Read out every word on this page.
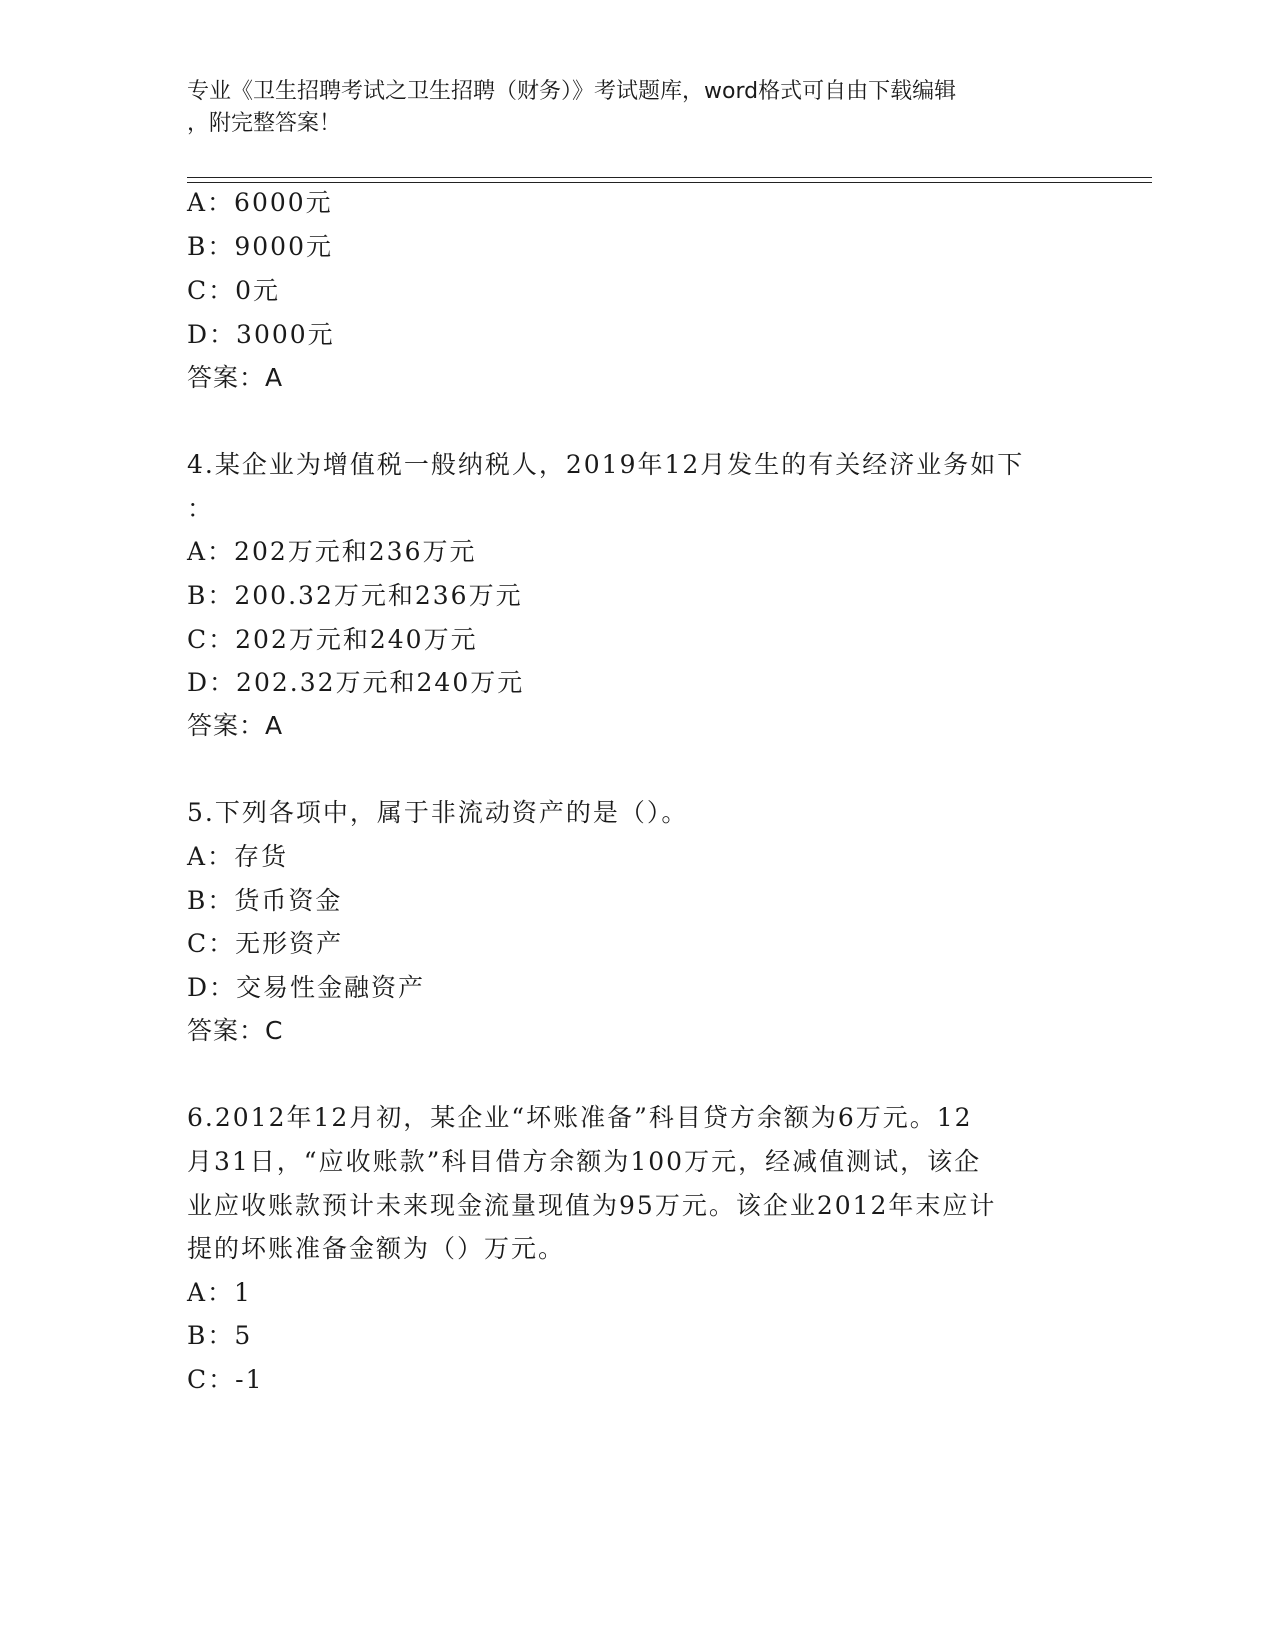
专业《卫生招聘考试之卫生招聘（财务）》考试题库，word格式可自由下载编辑
，附完整答案！
A：6000元
B：9000元
C：0元
D：3000元
答案：A
4.某企业为增值税一般纳税人，2019年12月发生的有关经济业务如下
：
A：202万元和236万元
B：200.32万元和236万元
C：202万元和240万元
D：202.32万元和240万元
答案：A
5.下列各项中，属于非流动资产的是（）。
A：存货
B：货币资金
C：无形资产
D：交易性金融资产
答案：C
6.2012年12月初，某企业“坏账准备”科目贷方余额为6万元。12
月31日，“应收账款”科目借方余额为100万元，经减值测试，该企
业应收账款预计未来现金流量现值为95万元。该企业2012年末应计
提的坏账准备金额为（）万元。
A：1
B：5
C：-1
